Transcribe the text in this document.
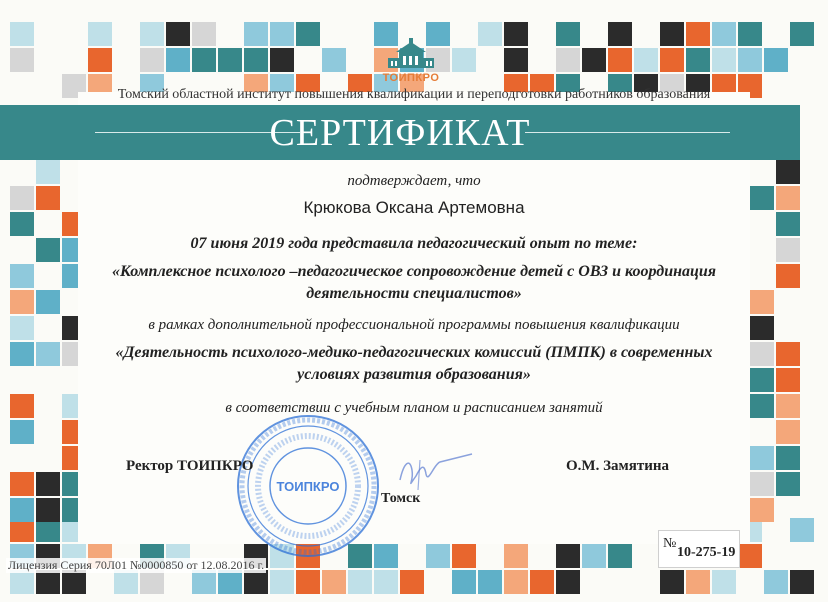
ТОИПКРО
Томский областной институт повышения квалификации и переподготовки работников образования
СЕРТИФИКАТ
подтверждает, что
Крюкова Оксана Артемовна
07 июня 2019 года представила педагогический опыт по теме:
«Комплексное психолого –педагогическое сопровождение детей с ОВЗ и координация
деятельности специалистов»
в рамках дополнительной профессиональной программы повышения квалификации
«Деятельность психолого-медико-педагогических комиссий (ПМПК) в современных
условиях развития образования»
в соответствии с учебным планом и расписанием занятий
ТОИПКРО
Ректор ТОИПКРО	О.М. Замятина
Томск
Лицензия Серия 70Л01 №0000850 от 12.08.2016 г.
№
10-275-19
